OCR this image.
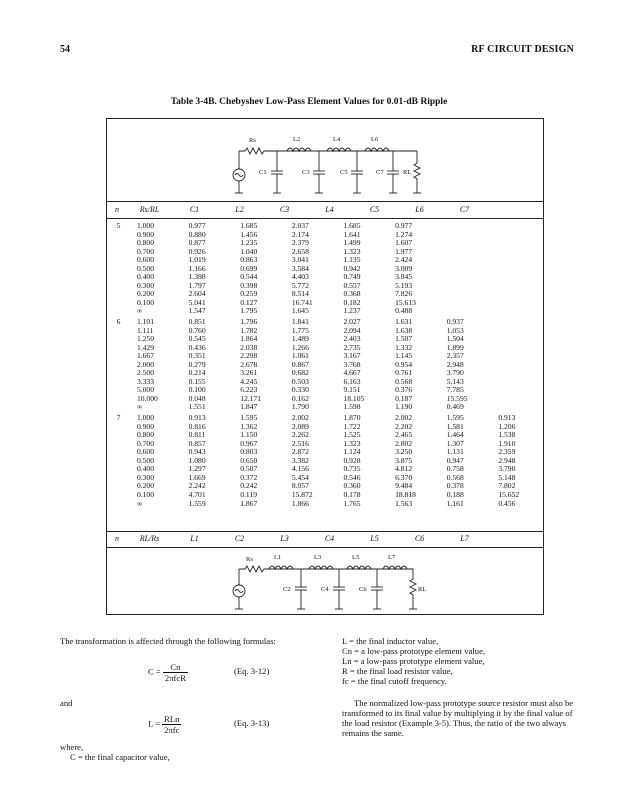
54	RF CIRCUIT DESIGN
Table 3-4B. Chebyshev Low-Pass Element Values for 0.01-dB Ripple
Rs	L2	L4	L6
C1	C3	C5	C7	RL
n	Rs/RL	C1	L2	C3	L4	C5	L6	C7
5	1.000	0.977	1.685	2.037	1.685	0.977		
	0.900	0.880	1.456	2.174	1.641	1.274		
	0.800	0.877	1.235	2.379	1.499	1.607		
	0.700	0.926	1.040	2.658	1.323	1.977		
	0.600	1.019	0.863	3.041	1.135	2.424		
	0.500	1.166	0.699	3.584	0.942	3.009		
	0.400	1.398	0.544	4.403	0.749	3.845		
	0.300	1.797	0.398	5.772	0.557	5.193		
	0.200	2.604	0.259	8.514	0.368	7.826		
	0.100	5.041	0.127	16.741	0.182	15.613		
	∞	1.547	1.795	1.645	1.237	0.488		
6	1.101	0.851	1.796	1.841	2.027	1.631	0.937	
	1.111	0.760	1.782	1.775	2.094	1.638	1.053	
	1.250	0.545	1.864	1.489	2.403	1.507	1.504	
	1.429	0.436	2.038	1.266	2.735	1.332	1.899	
	1.667	0.351	2.298	1.061	3.167	1.145	2.357	
	2.000	0.279	2.678	0.867	3.768	0.954	2.948	
	2.500	0.214	3.261	0.682	4.667	0.761	3.790	
	3.333	0.155	4.245	0.503	6.163	0.568	5.143	
	5.000	0.100	6.223	0.330	9.151	0.376	7.785	
	10.000	0.048	12.171	0.162	18.105	0.187	15.595	
	∞	1.551	1.847	1.790	1.598	1.190	0.469	
7	1.000	0.913	1.595	2.002	1.870	2.002	1.595	0.913
	0.900	0.816	1.362	2.089	1.722	2.202	1.581	1.206
	0.800	0.811	1.150	2.262	1.525	2.465	1.464	1.538
	0.700	0.857	0.967	2.516	1.323	2.802	1.307	1.910
	0.600	0.943	0.803	2.872	1.124	3.250	1.131	2.359
	0.500	1.080	0.650	3.382	0.928	3.875	0.947	2.948
	0.400	1.297	0.507	4.156	0.735	4.812	0.758	3.790
	0.300	1.669	0.372	5.454	0.546	6.370	0.568	5.148
	0.200	2.242	0.242	8.057	0.360	9.484	0.378	7.802
	0.100	4.701	0.119	15.872	0.178	18.818	0.188	15.652
	∞	1.559	1.867	1.866	1.765	1.563	1.161	0.456
n	RL/Rs	L1	C2	L3	C4	L5	C6	L7
Rs	L1	L3	L5	L7
C2	C4	C6	RL
The transformation is affected through the following formulas:
$C = \frac{Cn}{\text{2πfcR}}$	(Eq. 3-12)
and
$L = \frac{\text{RLn}}{\text{2πfc}}$	(Eq. 3-13)
where,
C = the final capacitor value,
L = the final inductor value,
Cn = a low-pass prototype element value,
Ln = a low-pass prototype element value,
R = the final load resistor value,
fc = the final cutoff frequency.
The normalized low-pass prototype source resistor must also be transformed to its final value by multiplying it by the final value of the load resistor (Example 3-5). Thus, the ratio of the two always remains the same.
